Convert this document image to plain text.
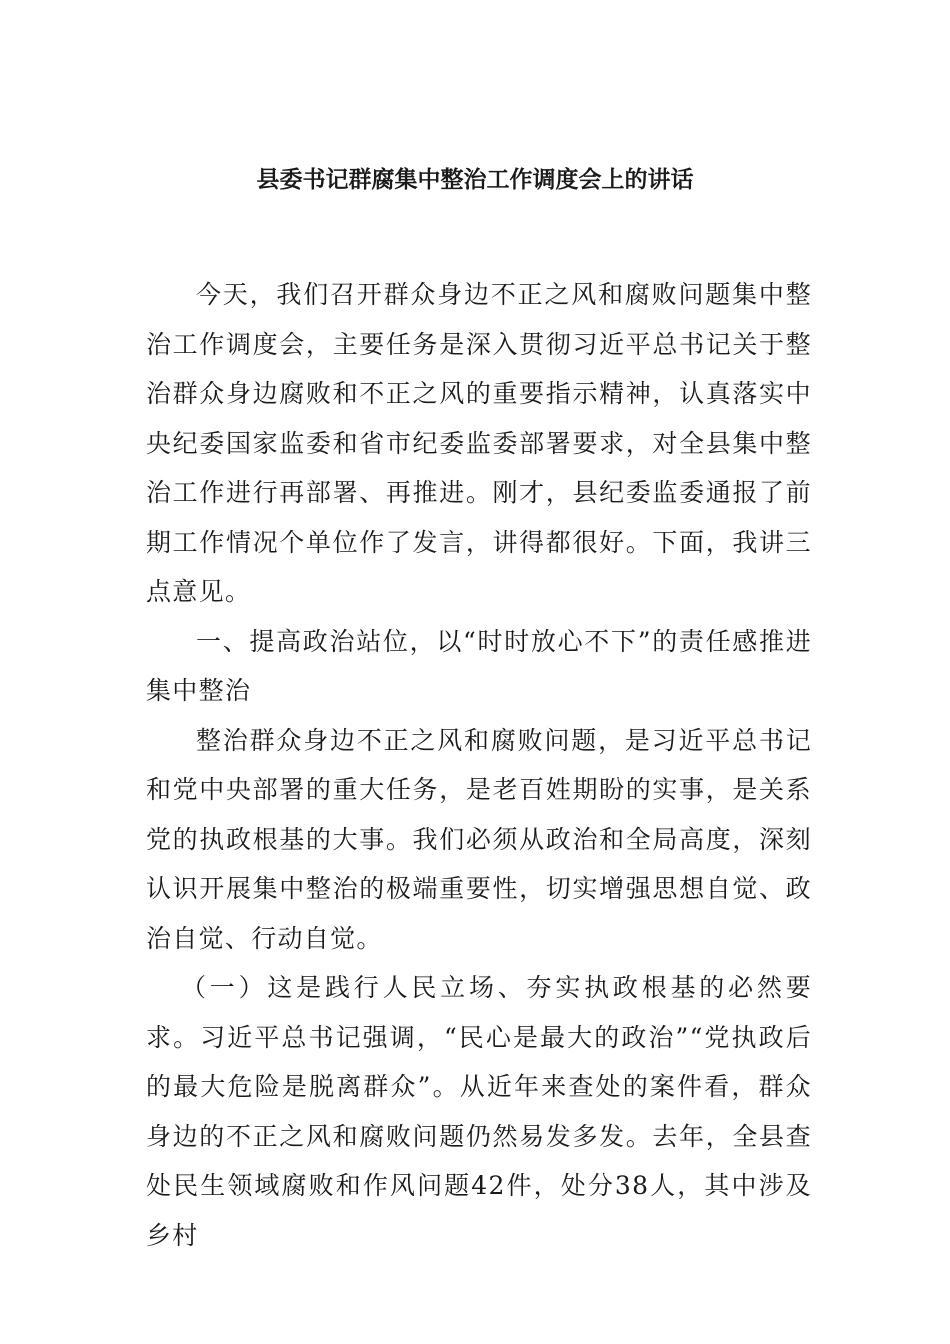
县委书记群腐集中整治工作调度会上的讲话

今天，我们召开群众身边不正之风和腐败问题集中整治工作调度会，主要任务是深入贯彻习近平总书记关于整治群众身边腐败和不正之风的重要指示精神，认真落实中央纪委国家监委和省市纪委监委部署要求，对全县集中整治工作进行再部署、再推进。刚才，县纪委监委通报了前期工作情况个单位作了发言，讲得都很好。下面，我讲三点意见。

一、提高政治站位，以“时时放心不下”的责任感推进集中整治

整治群众身边不正之风和腐败问题，是习近平总书记和党中央部署的重大任务，是老百姓期盼的实事，是关系党的执政根基的大事。我们必须从政治和全局高度，深刻认识开展集中整治的极端重要性，切实增强思想自觉、政治自觉、行动自觉。

（一）这是践行人民立场、夯实执政根基的必然要求。习近平总书记强调，“民心是最大的政治”“党执政后的最大危险是脱离群众”。从近年来查处的案件看，群众身边的不正之风和腐败问题仍然易发多发。去年，全县查处民生领域腐败和作风问题42件，处分38人，其中涉及乡村
